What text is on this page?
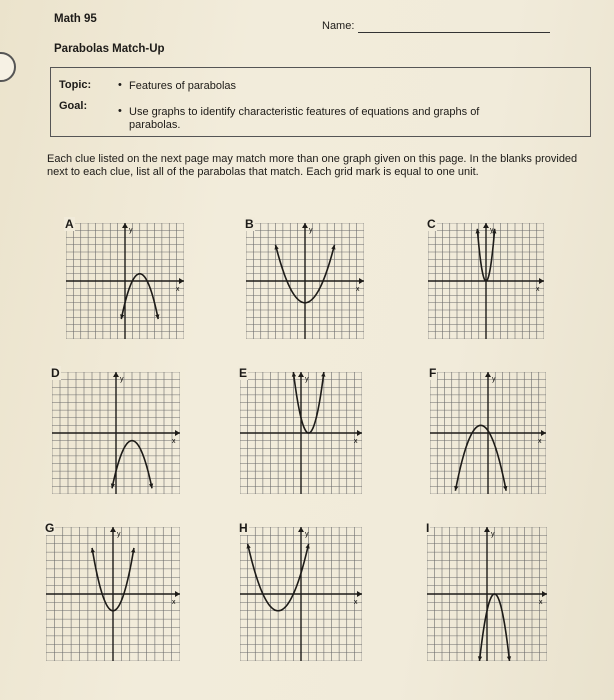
Math 95
Name:
Parabolas Match-Up
Topic: • Features of parabolas
Goal:	• Use graphs to identify characteristic features of equations and graphs of
parabolas.
Each clue listed on the next page may match more than one graph given on this page. In the blanks provided next to each clue, list all of the parabolas that match. Each grid mark is equal to one unit.
x
y
A
x
y
B
x
y
C
x
y
D
x
y
E
x
y
F
x
y
G
x
y
H
x
y
I
